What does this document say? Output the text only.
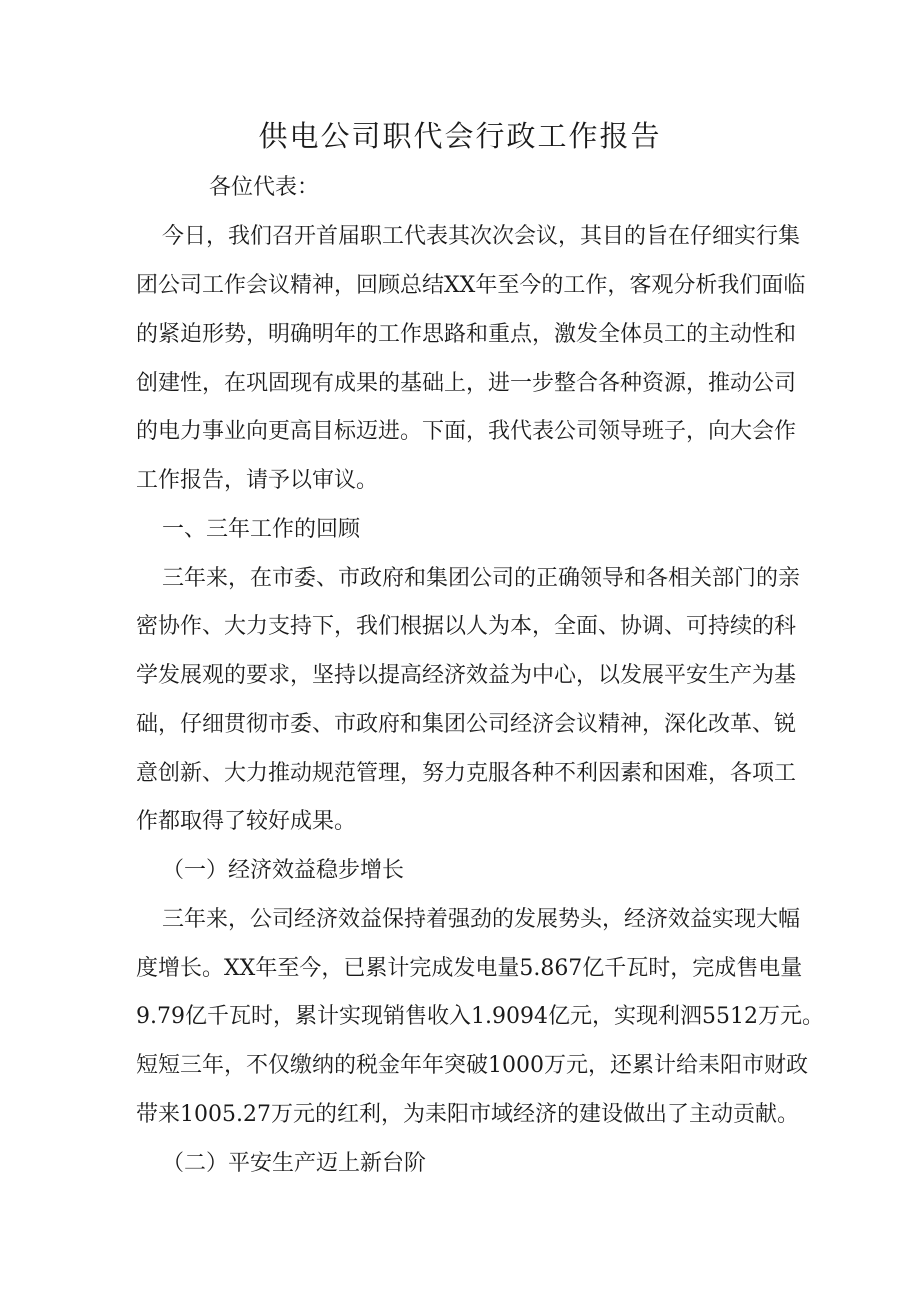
供电公司职代会行政工作报告
各位代表：
今日，我们召开首届职工代表其次次会议，其目的旨在仔细实行集
团公司工作会议精神，回顾总结XX年至今的工作，客观分析我们面临
的紧迫形势，明确明年的工作思路和重点，激发全体员工的主动性和
创建性，在巩固现有成果的基础上，进一步整合各种资源，推动公司
的电力事业向更高目标迈进。下面，我代表公司领导班子，向大会作
工作报告，请予以审议。
一、三年工作的回顾
三年来，在市委、市政府和集团公司的正确领导和各相关部门的亲
密协作、大力支持下，我们根据以人为本，全面、协调、可持续的科
学发展观的要求，坚持以提高经济效益为中心，以发展平安生产为基
础，仔细贯彻市委、市政府和集团公司经济会议精神，深化改革、锐
意创新、大力推动规范管理，努力克服各种不利因素和困难，各项工
作都取得了较好成果。
（一）经济效益稳步增长
三年来，公司经济效益保持着强劲的发展势头，经济效益实现大幅
度增长。XX年至今，已累计完成发电量5.867亿千瓦时，完成售电量
9.79亿千瓦时，累计实现销售收入1.9094亿元，实现利泗5512万元。
短短三年，不仅缴纳的税金年年突破1000万元，还累计给耒阳市财政
带来1005.27万元的红利，为耒阳市域经济的建设做出了主动贡献。
（二）平安生产迈上新台阶
